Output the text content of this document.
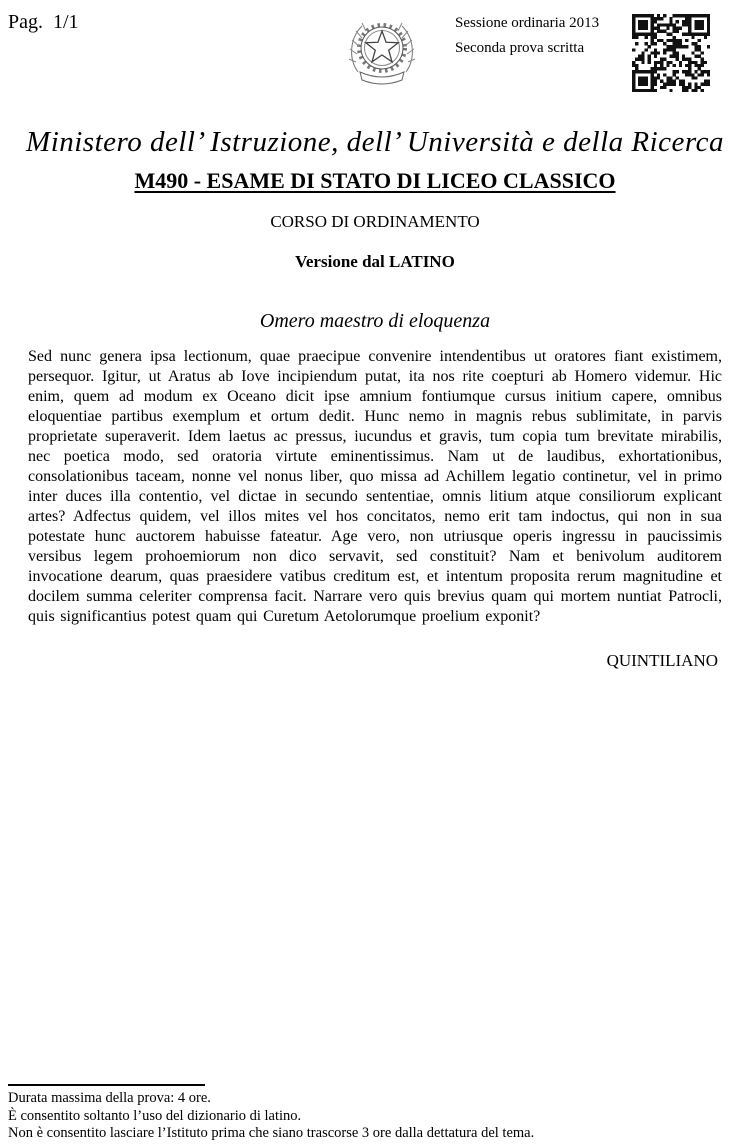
Pag.  1/1	Sessione ordinaria 2013
Seconda prova scritta
Ministero dell’ Istruzione, dell’ Università e della Ricerca
M490 - ESAME DI STATO DI LICEO CLASSICO
CORSO DI ORDINAMENTO
Versione dal LATINO
Omero maestro di eloquenza
Sed nunc genera ipsa lectionum, quae praecipue convenire intendentibus ut oratores fiant existimem, persequor. Igitur, ut Aratus ab Iove incipiendum putat, ita nos rite coepturi ab Homero videmur. Hic enim, quem ad modum ex Oceano dicit ipse amnium fontiumque cursus initium capere, omnibus eloquentiae partibus exemplum et ortum dedit. Hunc nemo in magnis rebus sublimitate, in parvis proprietate superaverit. Idem laetus ac pressus, iucundus et gravis, tum copia tum brevitate mirabilis, nec poetica modo, sed oratoria virtute eminentissimus. Nam ut de laudibus, exhortationibus, consolationibus taceam, nonne vel nonus liber, quo missa ad Achillem legatio continetur, vel in primo inter duces illa contentio, vel dictae in secundo sententiae, omnis litium atque consiliorum explicant artes? Adfectus quidem, vel illos mites vel hos concitatos, nemo erit tam indoctus, qui non in sua potestate hunc auctorem habuisse fateatur. Age vero, non utriusque operis ingressu in paucissimis versibus legem prohoemiorum non dico servavit, sed constituit? Nam et benivolum auditorem invocatione dearum, quas praesidere vatibus creditum est, et intentum proposita rerum magnitudine et docilem summa celeriter comprensa facit. Narrare vero quis brevius quam qui mortem nuntiat Patrocli, quis significantius potest quam qui Curetum Aetolorumque proelium exponit?
QUINTILIANO
Durata massima della prova: 4 ore.
È consentito soltanto l’uso del dizionario di latino.
Non è consentito lasciare l’Istituto prima che siano trascorse 3 ore dalla dettatura del tema.
